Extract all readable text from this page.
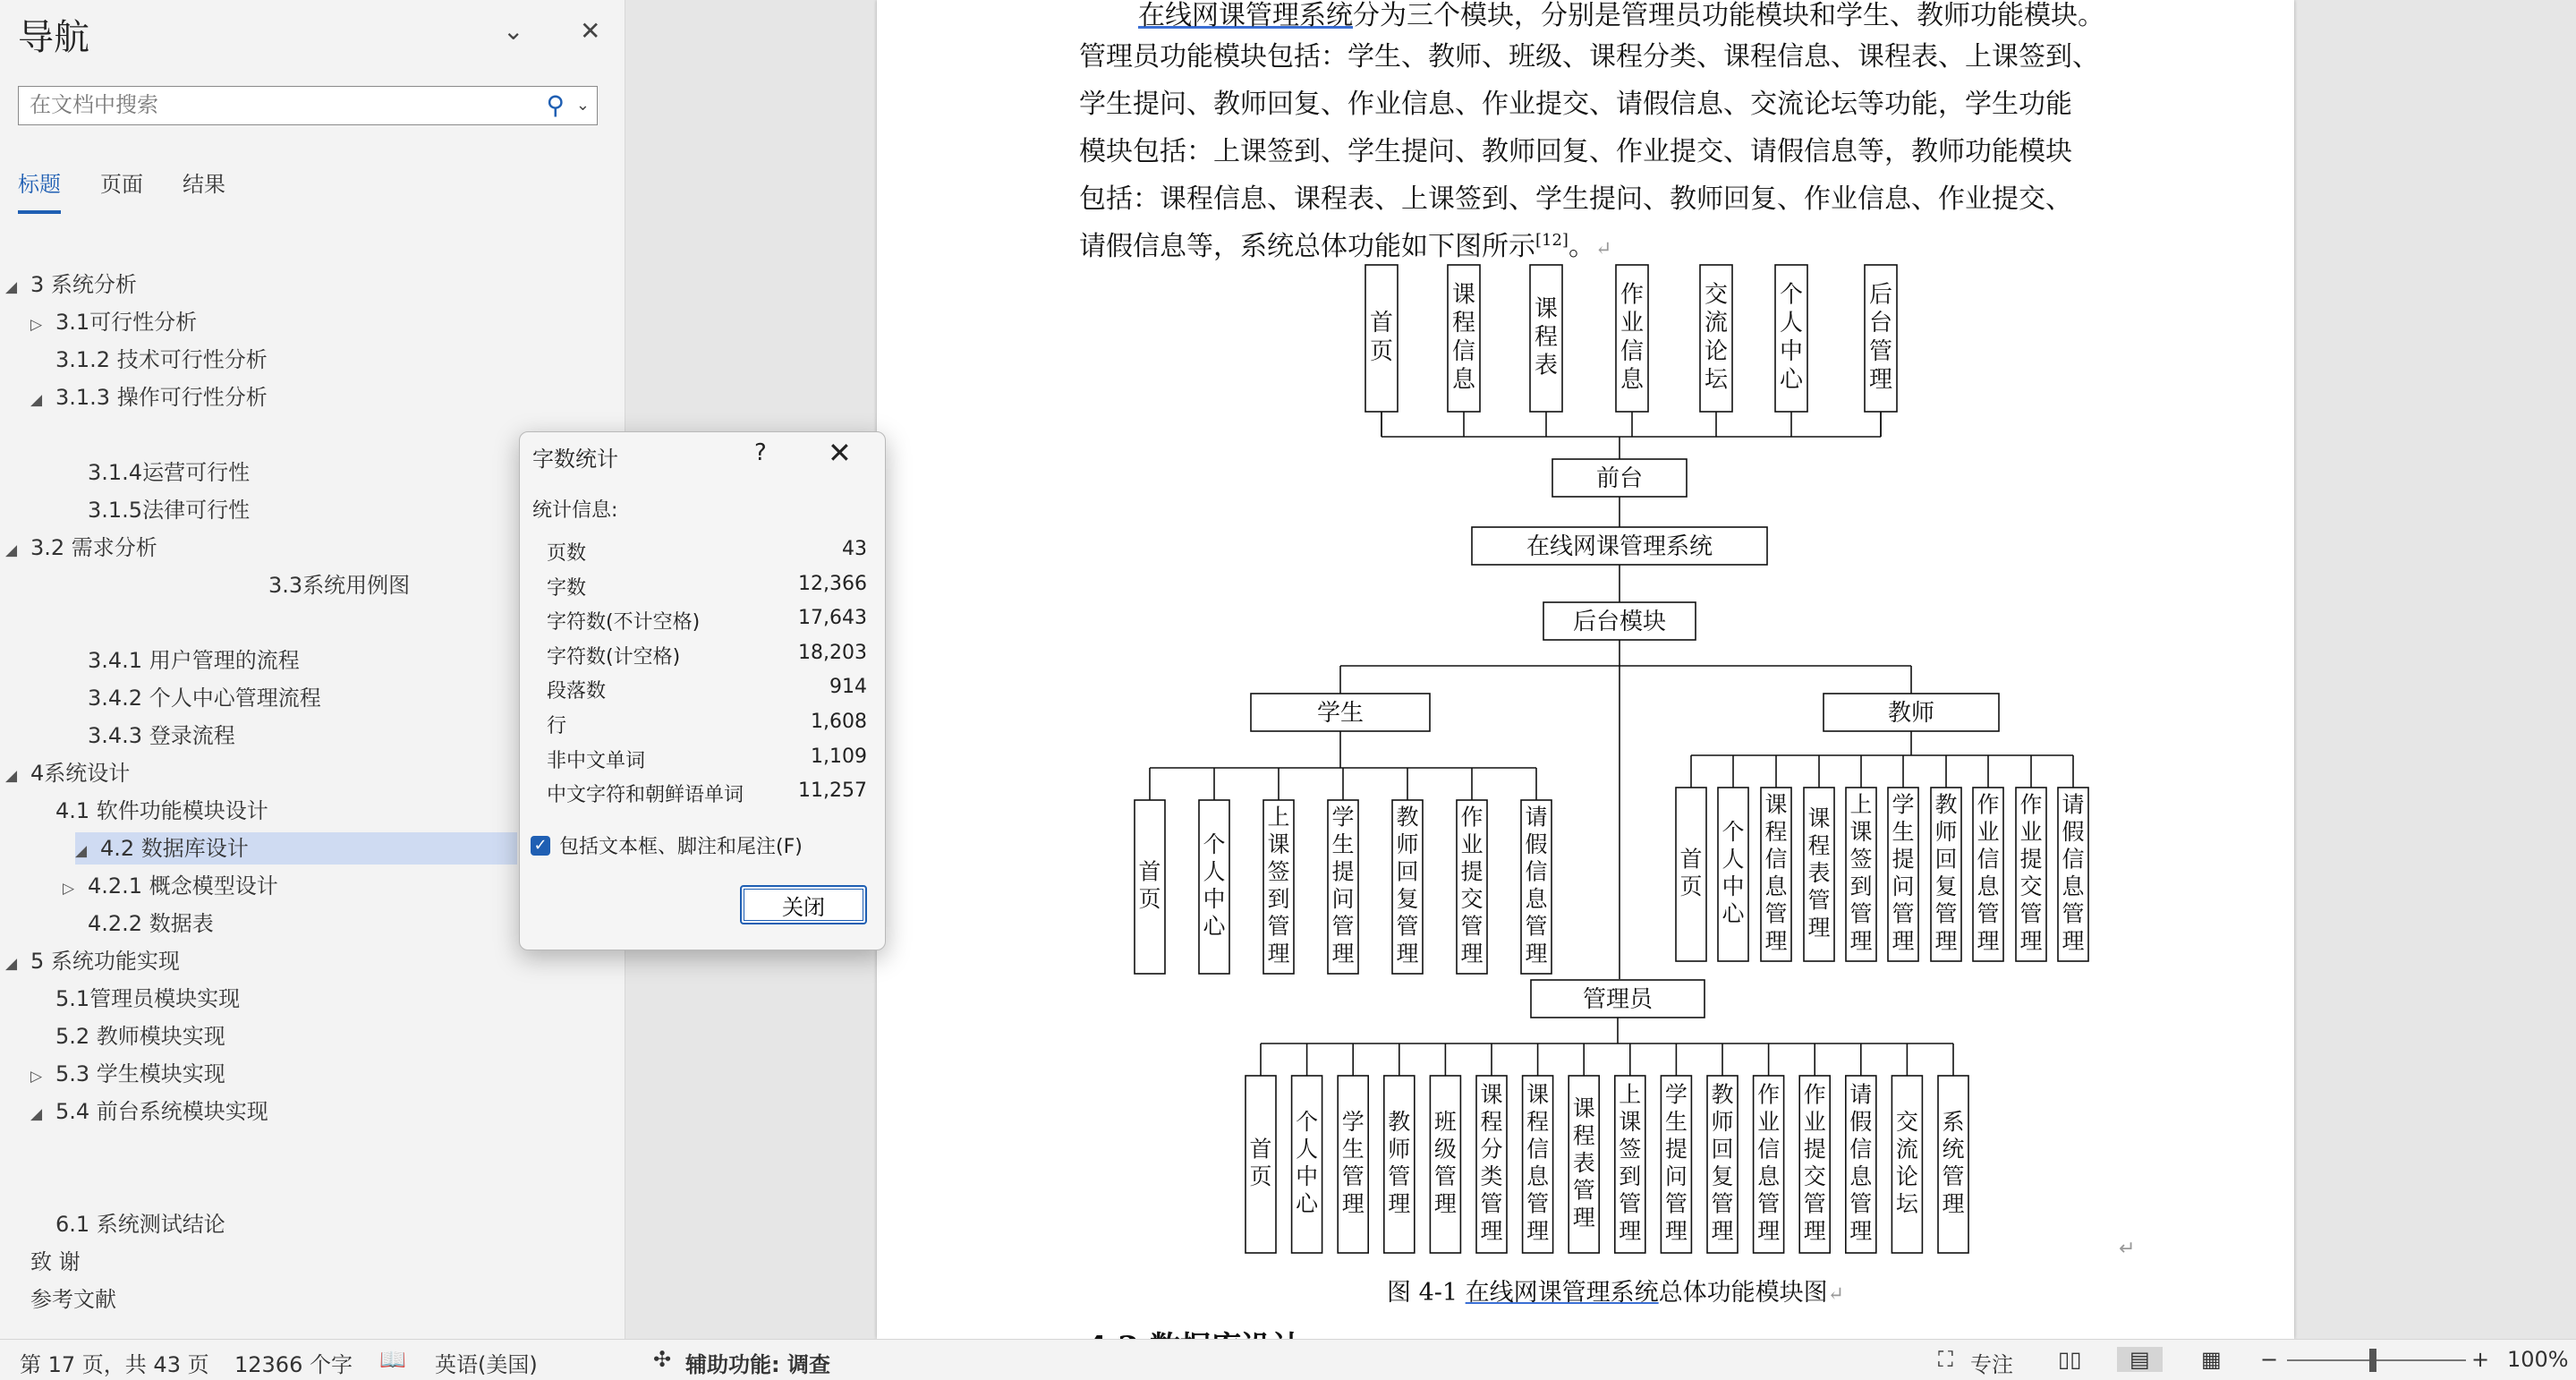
导航	⌄ ✕
在文档中搜索
⚲ ⌄
标题 页面 结果
◢ 3 系统分析
▷ 3.1可行性分析
3.1.2 技术可行性分析
◢ 3.1.3 操作可行性分析
3.1.4运营可行性
3.1.5法律可行性
◢ 3.2 需求分析
3.3系统用例图
3.4.1 用户管理的流程
3.4.2 个人中心管理流程
3.4.3 登录流程
◢ 4系统设计
4.1 软件功能模块设计
◢ 4.2 数据库设计
▷ 4.2.1 概念模型设计
4.2.2 数据表
◢ 5 系统功能实现
5.1管理员模块实现
5.2 教师模块实现
▷ 5.3 学生模块实现
◢ 5.4 前台系统模块实现
6.1 系统测试结论
致 谢
参考文献
在线网课管理系统分为三个模块，分别是管理员功能模块和学生、教师功能模块。
管理员功能模块包括：学生、教师、班级、课程分类、课程信息、课程表、上课签到、
学生提问、教师回复、作业信息、作业提交、请假信息、交流论坛等功能，学生功能
模块包括：上课签到、学生提问、教师回复、作业提交、请假信息等，教师功能模块
包括：课程信息、课程表、上课签到、学生提问、教师回复、作业信息、作业提交、
请假信息等，系统总体功能如下图所示[12]。↵
首页
课程信息
课程表
作业信息
交流论坛
个人中心
后台管理
前台
在线网课管理系统
后台模块
学生	教师
首页
个人中心
上课签到管理
学生提问管理
教师回复管理
作业提交管理
请假信息管理
首页
个人中心
课程信息管理
课程表管理
上课签到管理
学生提问管理
教师回复管理
作业信息管理
作业提交管理
请假信息管理
管理员
首页
个人中心
学生管理
教师管理
班级管理
课程分类管理
课程信息管理
课程表管理
上课签到管理
学生提问管理
教师回复管理
作业信息管理
作业提交管理
请假信息管理
交流论坛
系统管理
↵
图 4-1 在线网课管理系统总体功能模块图↵
字数统计	? ✕
统计信息:
页数	43
字数	12,366
字符数(不计空格)	17,643
字符数(计空格)	18,203
段落数	914
行	1,608
非中文单词	1,109
中文字符和朝鲜语单词	11,257
✓ 包括文本框、脚注和尾注(F)
关闭
第 17 页，共 43 页 12366 个字 📖 英语(美国)	✣ 辅助功能: 调查	⛶ 专注 ▯▯	▤	▦ −	+ 100%
